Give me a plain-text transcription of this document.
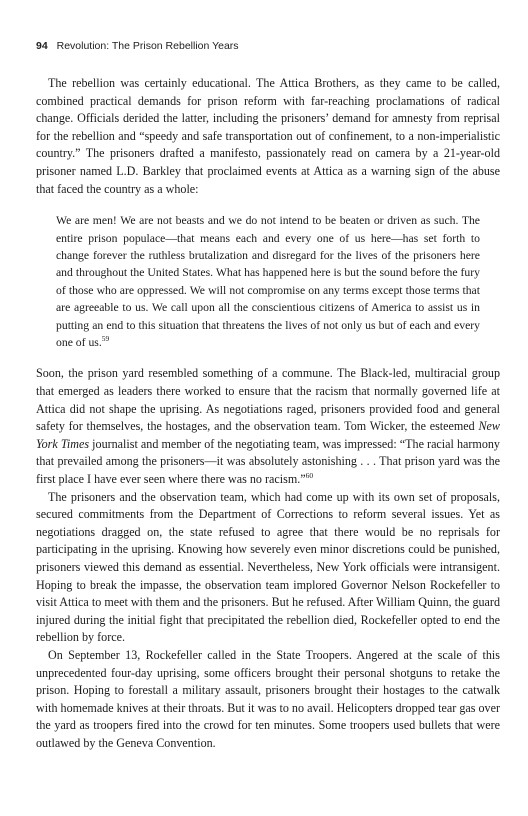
94 Revolution: The Prison Rebellion Years

The rebellion was certainly educational. The Attica Brothers, as they came to be called, combined practical demands for prison reform with far-reaching proclamations of radical change. Officials derided the latter, including the prisoners’ demand for amnesty from reprisal for the rebellion and “speedy and safe transportation out of confinement, to a non-imperialistic country.” The prisoners drafted a manifesto, passionately read on camera by a 21-year-old prisoner named L.D. Barkley that proclaimed events at Attica as a warning sign of the abuse that faced the country as a whole:

We are men! We are not beasts and we do not intend to be beaten or driven as such. The entire prison populace—that means each and every one of us here—has set forth to change forever the ruthless brutalization and disregard for the lives of the prisoners here and throughout the United States. What has happened here is but the sound before the fury of those who are oppressed. We will not compromise on any terms except those terms that are agreeable to us. We call upon all the conscientious citizens of America to assist us in putting an end to this situation that threatens the lives of not only us but of each and every one of us.$^{59}$

Soon, the prison yard resembled something of a commune. The Black-led, multiracial group that emerged as leaders there worked to ensure that the racism that normally governed life at Attica did not shape the uprising. As negotiations raged, prisoners provided food and general safety for themselves, the hostages, and the observation team. Tom Wicker, the esteemed New York Times journalist and member of the negotiating team, was impressed: “The racial harmony that prevailed among the prisoners—it was absolutely astonishing . . . That prison yard was the first place I have ever seen where there was no racism.”$^{60}$

The prisoners and the observation team, which had come up with its own set of proposals, secured commitments from the Department of Corrections to reform several issues. Yet as negotiations dragged on, the state refused to agree that there would be no reprisals for participating in the uprising. Knowing how severely even minor discretions could be punished, prisoners viewed this demand as essential. Nevertheless, New York officials were intransigent. Hoping to break the impasse, the observation team implored Governor Nelson Rockefeller to visit Attica to meet with them and the prisoners. But he refused. After William Quinn, the guard injured during the initial fight that precipitated the rebellion died, Rockefeller opted to end the rebellion by force.

On September 13, Rockefeller called in the State Troopers. Angered at the scale of this unprecedented four-day uprising, some officers brought their personal shotguns to retake the prison. Hoping to forestall a military assault, prisoners brought their hostages to the catwalk with homemade knives at their throats. But it was to no avail. Helicopters dropped tear gas over the yard as troopers fired into the crowd for ten minutes. Some troopers used bullets that were outlawed by the Geneva Convention.
